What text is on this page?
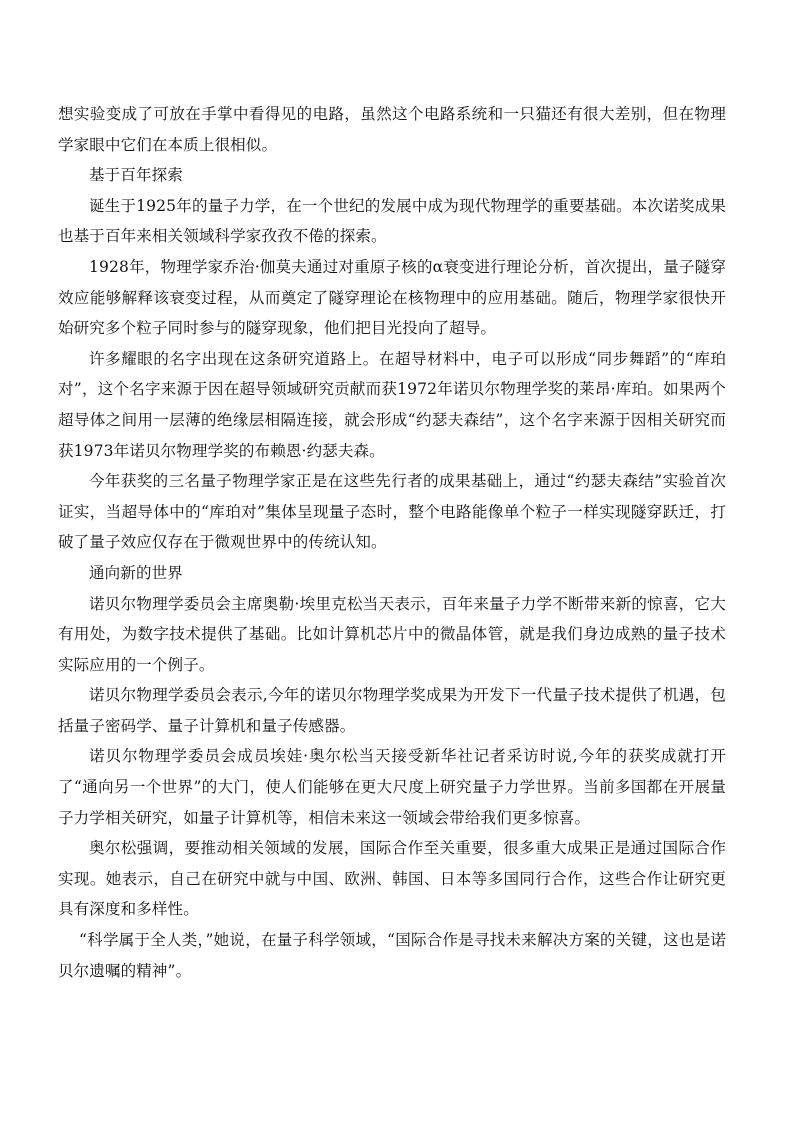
想实验变成了可放在手掌中看得见的电路，虽然这个电路系统和一只猫还有很大差别，但在物理学家眼中它们在本质上很相似。

基于百年探索

诞生于1925年的量子力学，在一个世纪的发展中成为现代物理学的重要基础。本次诺奖成果也基于百年来相关领域科学家孜孜不倦的探索。

1928年，物理学家乔治·伽莫夫通过对重原子核的α衰变进行理论分析，首次提出，量子隧穿效应能够解释该衰变过程，从而奠定了隧穿理论在核物理中的应用基础。随后，物理学家很快开始研究多个粒子同时参与的隧穿现象，他们把目光投向了超导。

许多耀眼的名字出现在这条研究道路上。在超导材料中，电子可以形成“同步舞蹈”的“库珀对”，这个名字来源于因在超导领域研究贡献而获1972年诺贝尔物理学奖的莱昂·库珀。如果两个超导体之间用一层薄的绝缘层相隔连接，就会形成“约瑟夫森结”，这个名字来源于因相关研究而获1973年诺贝尔物理学奖的布赖恩·约瑟夫森。

今年获奖的三名量子物理学家正是在这些先行者的成果基础上，通过“约瑟夫森结”实验首次证实，当超导体中的“库珀对”集体呈现量子态时，整个电路能像单个粒子一样实现隧穿跃迁，打破了量子效应仅存在于微观世界中的传统认知。

通向新的世界

诺贝尔物理学委员会主席奥勒·埃里克松当天表示，百年来量子力学不断带来新的惊喜，它大有用处，为数字技术提供了基础。比如计算机芯片中的微晶体管，就是我们身边成熟的量子技术实际应用的一个例子。

诺贝尔物理学委员会表示,今年的诺贝尔物理学奖成果为开发下一代量子技术提供了机遇，包括量子密码学、量子计算机和量子传感器。

诺贝尔物理学委员会成员埃娃·奥尔松当天接受新华社记者采访时说,今年的获奖成就打开了“通向另一个世界”的大门，使人们能够在更大尺度上研究量子力学世界。当前多国都在开展量子力学相关研究，如量子计算机等，相信未来这一领域会带给我们更多惊喜。

奥尔松强调，要推动相关领域的发展，国际合作至关重要，很多重大成果正是通过国际合作实现。她表示，自己在研究中就与中国、欧洲、韩国、日本等多国同行合作，这些合作让研究更具有深度和多样性。

“科学属于全人类，”她说，在量子科学领域，“国际合作是寻找未来解决方案的关键，这也是诺贝尔遗嘱的精神”。
